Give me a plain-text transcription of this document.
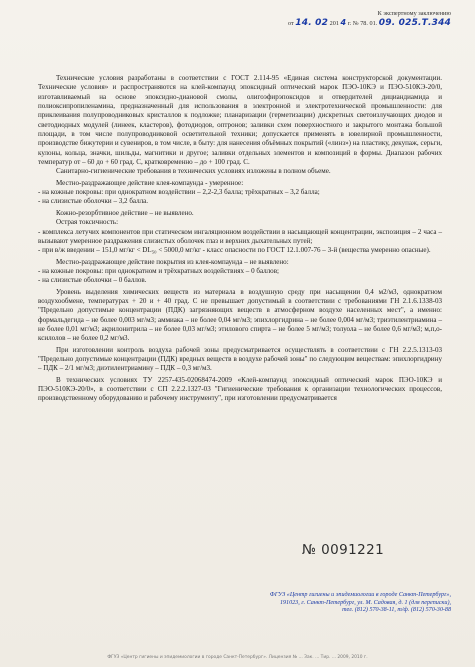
К экспертному заключению
от 14. 02 201 4 г. № 78. 01. 09. 025.Т.344

Технические условия разработаны в соответствии с ГОСТ 2.114-95 «Единая система конструкторской документации. Технические условия» и распространяются на клей-компаунд эпоксидный оптический марок ПЭО-10КЭ и ПЭО-510КЭ-20/0, изготавливаемый на основе эпоксидно-диановой смолы, олигоэфирэпоксидов и отвердителей дициандиамида и полиоксипропиленамина, предназначенный для использования в электронной и электротехнической промышленности: для приклеивания полупроводниковых кристаллов к подложке; планаризации (герметизации) дискретных светоизлучающих диодов и светодиодных модулей (линеек, кластеров), фотодиодов, оптронов; заливки схем поверхностного и закрытого монтажа большой площади, в том числе полупроводниковой осветительной техники; допускается применять в ювелирной промышленности, производстве бижутерии и сувениров, в том числе, в быту: для нанесения объёмных покрытий («линз») на пластику, декупаж, серьги, кулоны, кольца, значки, шильды, магнитики и другое; заливки отдельных элементов и композиций в формы. Диапазон рабочих температур от – 60 до + 60 град. С, кратковременно – до + 100 град. С.

Санитарно-гигиенические требования в технических условиях изложены в полном объеме.

Местно-раздражающее действие клея-компаунда - умеренное:

- на кожные покровы: при однократном воздействии – 2,2-2,3 балла; трёхкратных – 3,2 балла;

- на слизистые оболочки – 3,2 балла.

Кожно-резорбтивное действие – не выявлено.

Острая токсичность:

- комплекса летучих компонентов при статическом ингаляционном воздействии в насыщающей концентрации, экспозиция – 2 часа – вызывают умеренное раздражения слизистых оболочек глаз и верхних дыхательных путей;

- при в/ж введении – 151,0 мг/кг < DL₅₀ < 5000,0 мг/кг - класс опасности по ГОСТ 12.1.007-76 – 3-й (вещества умеренно опасные).

Местно-раздражающее действие покрытия из клея-компаунда – не выявлено:

- на кожные покровы: при однократном и трёхкратных воздействиях – 0 баллов;

- на слизистые оболочки – 0 баллов.

Уровень выделения химических веществ из материала в воздушную среду при насыщении 0,4 м2/м3, однократном воздухообмене, температурах + 20 и + 40 град. С не превышает допустимый в соответствии с требованиями ГН 2.1.6.1338-03 "Предельно допустимые концентрации (ПДК) загрязняющих веществ в атмосферном воздухе населенных мест", а именно: формальдегида – не более 0,003 мг/м3; аммиака – не более 0,04 мг/м3; эпихлоргидрина – не более 0,004 мг/м3; триэтилентриамина – не более 0,01 мг/м3; акрилонитрила – не более 0,03 мг/м3; этилового спирта – не более 5 мг/м3; толуола – не более 0,6 мг/м3; м,п,о-ксилолов – не более 0,2 мг/м3.

При изготовлении контроль воздуха рабочей зоны предусматривается осуществлять в соответствии с ГН 2.2.5.1313-03 "Предельно допустимые концентрации (ПДК) вредных веществ в воздухе рабочей зоны" по следующим веществам: эпихлоргидрину – ПДК – 2/1 мг/м3; диэтилентриамину – ПДК – 0,3 мг/м3.

В технических условиях ТУ 2257-435-02068474-2009 «Клей-компаунд эпоксидный оптический марок ПЭО-10КЭ и ПЭО-510КЭ-20/0», в соответствии с СП 2.2.2.1327-03 "Гигиенические требования к организации технологических процессов, производственному оборудованию и рабочему инструменту", при изготовлении предусматривается

№ 0091221
ФГУЗ «Центр гигиены и эпидемиологии в городе Санкт-Петербург»,
191023, г. Санкт-Петербург, ул. М. Садовая, д. 1 (для переписки),
тел. (812) 570-38-11, т/ф. (812) 570-30-88
ФГУЗ «Центр гигиены и эпидемиологии в городе Санкт-Петербург». Лицензия № ... Зак. ... Тир. ... 2009, 2010 г.
